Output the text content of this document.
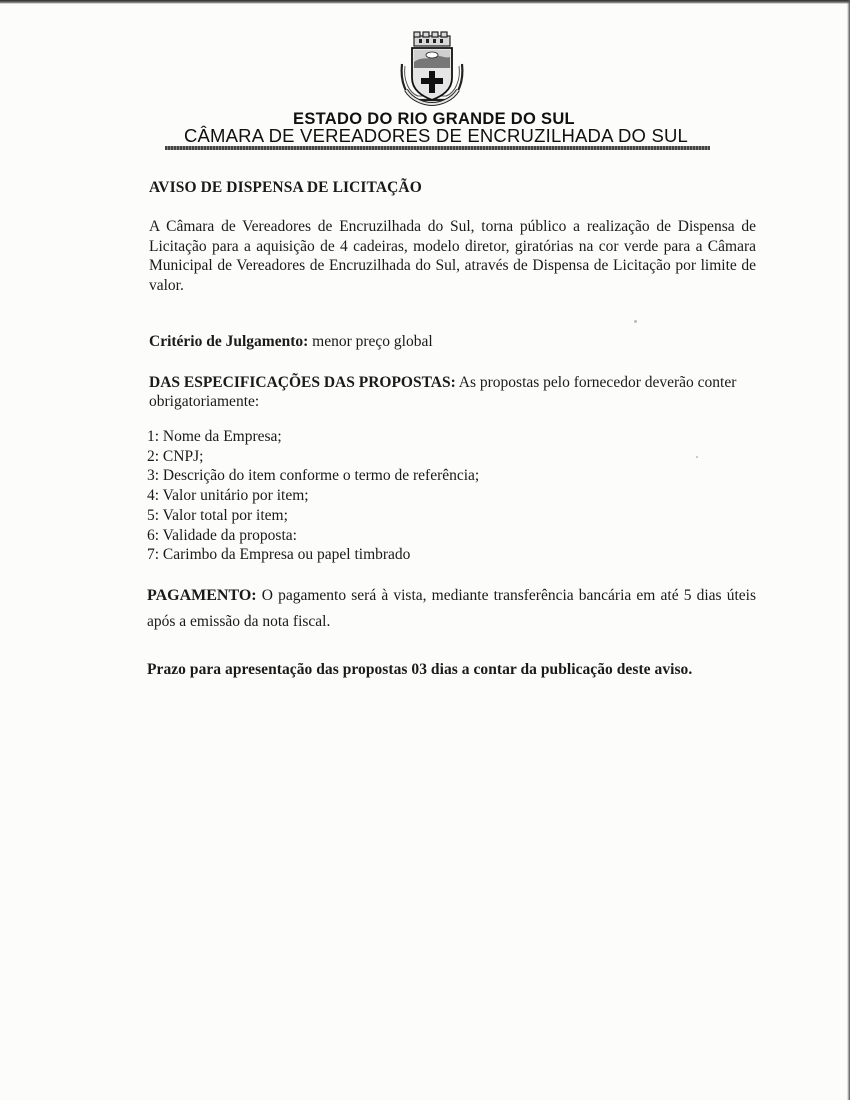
ESTADO DO RIO GRANDE DO SUL
CÂMARA DE VEREADORES DE ENCRUZILHADA DO SUL
AVISO DE DISPENSA DE LICITAÇÃO
A Câmara de Vereadores de Encruzilhada do Sul, torna público a realização de Dispensa de Licitação para a aquisição de 4 cadeiras, modelo diretor, giratórias na cor verde para a Câmara Municipal de Vereadores de Encruzilhada do Sul, através de Dispensa de Licitação por limite de valor.
Critério de Julgamento: menor preço global
DAS ESPECIFICAÇÕES DAS PROPOSTAS: As propostas pelo fornecedor deverão conter obrigatoriamente:
1: Nome da Empresa;
2: CNPJ;
3: Descrição do item conforme o termo de referência;
4: Valor unitário por item;
5: Valor total por item;
6: Validade da proposta:
7: Carimbo da Empresa ou papel timbrado
PAGAMENTO: O pagamento será à vista, mediante transferência bancária em até 5 dias úteis após a emissão da nota fiscal.
Prazo para apresentação das propostas 03 dias a contar da publicação deste aviso.
